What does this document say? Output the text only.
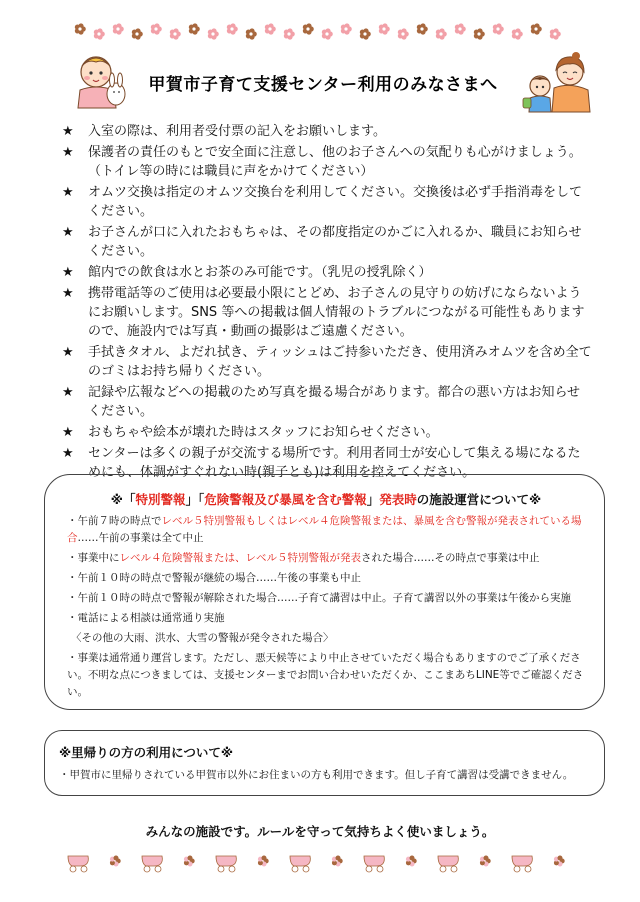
甲賀市子育て支援センター利用のみなさまへ
★	入室の際は、利用者受付票の記入をお願いします。
★	保護者の責任のもとで安全面に注意し、他のお子さんへの気配りも心がけましょう。
（トイレ等の時には職員に声をかけてください）
★	オムツ交換は指定のオムツ交換台を利用してください。交換後は必ず手指消毒をしてください。
★	お子さんが口に入れたおもちゃは、その都度指定のかごに入れるか、職員にお知らせください。
★	館内での飲食は水とお茶のみ可能です。（乳児の授乳除く）
★	携帯電話等のご使用は必要最小限にとどめ、お子さんの見守りの妨げにならないようにお願いします。SNS 等への掲載は個人情報のトラブルにつながる可能性もありますので、施設内では写真・動画の撮影はご遠慮ください。
★	手拭きタオル、よだれ拭き、ティッシュはご持参いただき、使用済みオムツを含め全てのゴミはお持ち帰りください。
★	記録や広報などへの掲載のため写真を撮る場合があります。都合の悪い方はお知らせください。
★	おもちゃや絵本が壊れた時はスタッフにお知らせください。
★	センターは多くの親子が交流する場所です。利用者同士が安心して集える場になるためにも、体調がすぐれない時(親子とも)は利用を控えてください。
※「特別警報」「危険警報及び暴風を含む警報」発表時の施設運営について※
・午前７時の時点でレベル５特別警報もしくはレベル４危険警報または、暴風を含む警報が発表されている場合……午前の事業は全て中止
・事業中にレベル４危険警報または、レベル５特別警報が発表された場合……その時点で事業は中止
・午前１０時の時点で警報が継続の場合……午後の事業も中止
・午前１０時の時点で警報が解除された場合……子育て講習は中止。子育て講習以外の事業は午後から実施
・電話による相談は通常通り実施
〈その他の大雨、洪水、大雪の警報が発令された場合〉
・事業は通常通り運営します。ただし、悪天候等により中止させていただく場合もありますのでご了承ください。不明な点につきましては、支援センターまでお問い合わせいただくか、ここまあちLINE等でご確認ください。
※里帰りの方の利用について※
・甲賀市に里帰りされている甲賀市以外にお住まいの方も利用できます。但し子育て講習は受講できません。
みんなの施設です。ルールを守って気持ちよく使いましょう。
